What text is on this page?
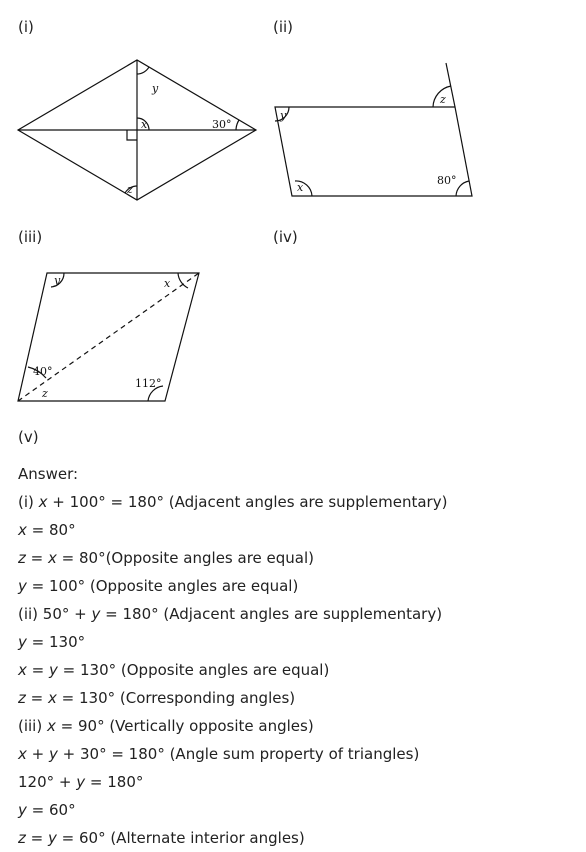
(i)	(ii)
(iii)	(iv)
(v)
y
x	30°
z
y
z
x
80°
y	x
40°
z
112°
Answer:
(i) x + 100° = 180° (Adjacent angles are supplementary)
x = 80°
z = x = 80°(Opposite angles are equal)
y = 100° (Opposite angles are equal)
(ii) 50° + y = 180° (Adjacent angles are supplementary)
y = 130°
x = y = 130° (Opposite angles are equal)
z = x = 130° (Corresponding angles)
(iii) x = 90° (Vertically opposite angles)
x + y + 30° = 180° (Angle sum property of triangles)
120° + y = 180°
y = 60°
z = y = 60° (Alternate interior angles)
